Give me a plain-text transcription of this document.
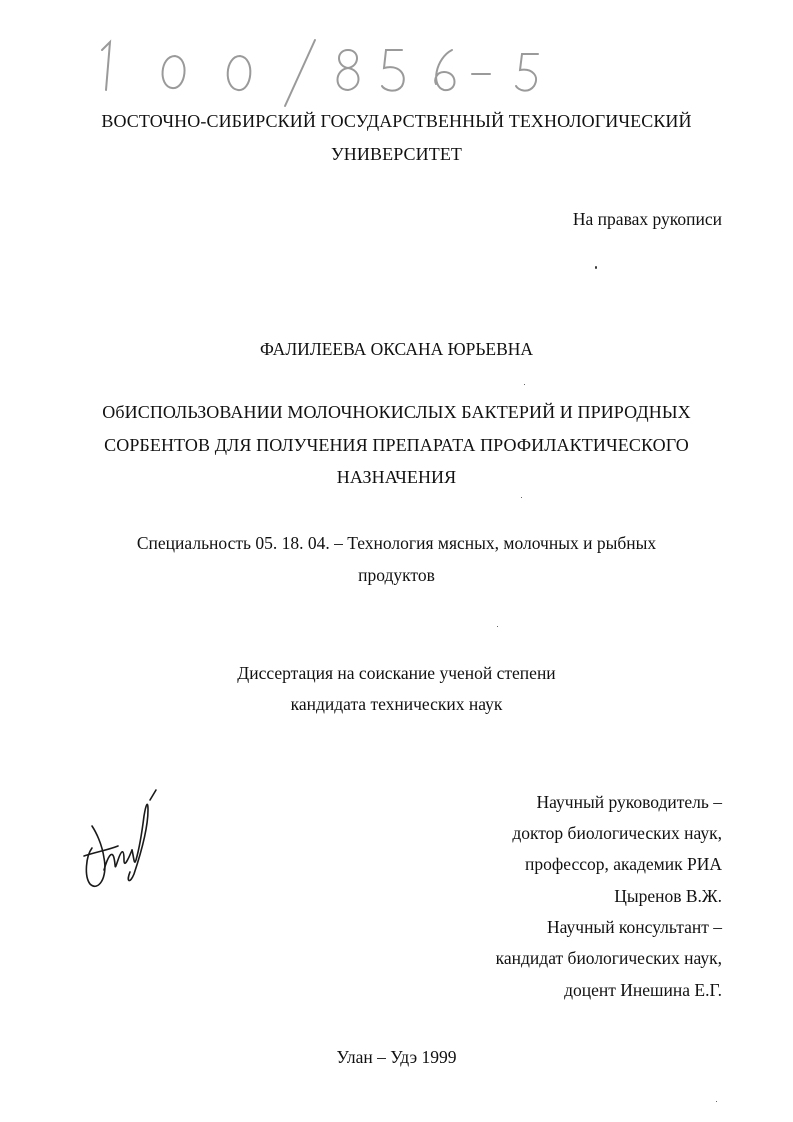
ВОСТОЧНО-СИБИРСКИЙ ГОСУДАРСТВЕННЫЙ ТЕХНОЛОГИЧЕСКИЙ
УНИВЕРСИТЕТ
На правах рукописи
ФАЛИЛЕЕВА ОКСАНА ЮРЬЕВНА
ОбИСПОЛЬЗОВАНИИ МОЛОЧНОКИСЛЫХ БАКТЕРИЙ И ПРИРОДНЫХ
СОРБЕНТОВ ДЛЯ ПОЛУЧЕНИЯ ПРЕПАРАТА ПРОФИЛАКТИЧЕСКОГО
НАЗНАЧЕНИЯ
Специальность 05. 18. 04. – Технология мясных, молочных и рыбных
продуктов
Диссертация на соискание ученой степени
кандидата технических наук
Научный руководитель –
доктор биологических наук,
профессор, академик РИА
Цыренов В.Ж.
Научный консультант –
кандидат биологических наук,
доцент Инешина Е.Г.
Улан – Удэ 1999
